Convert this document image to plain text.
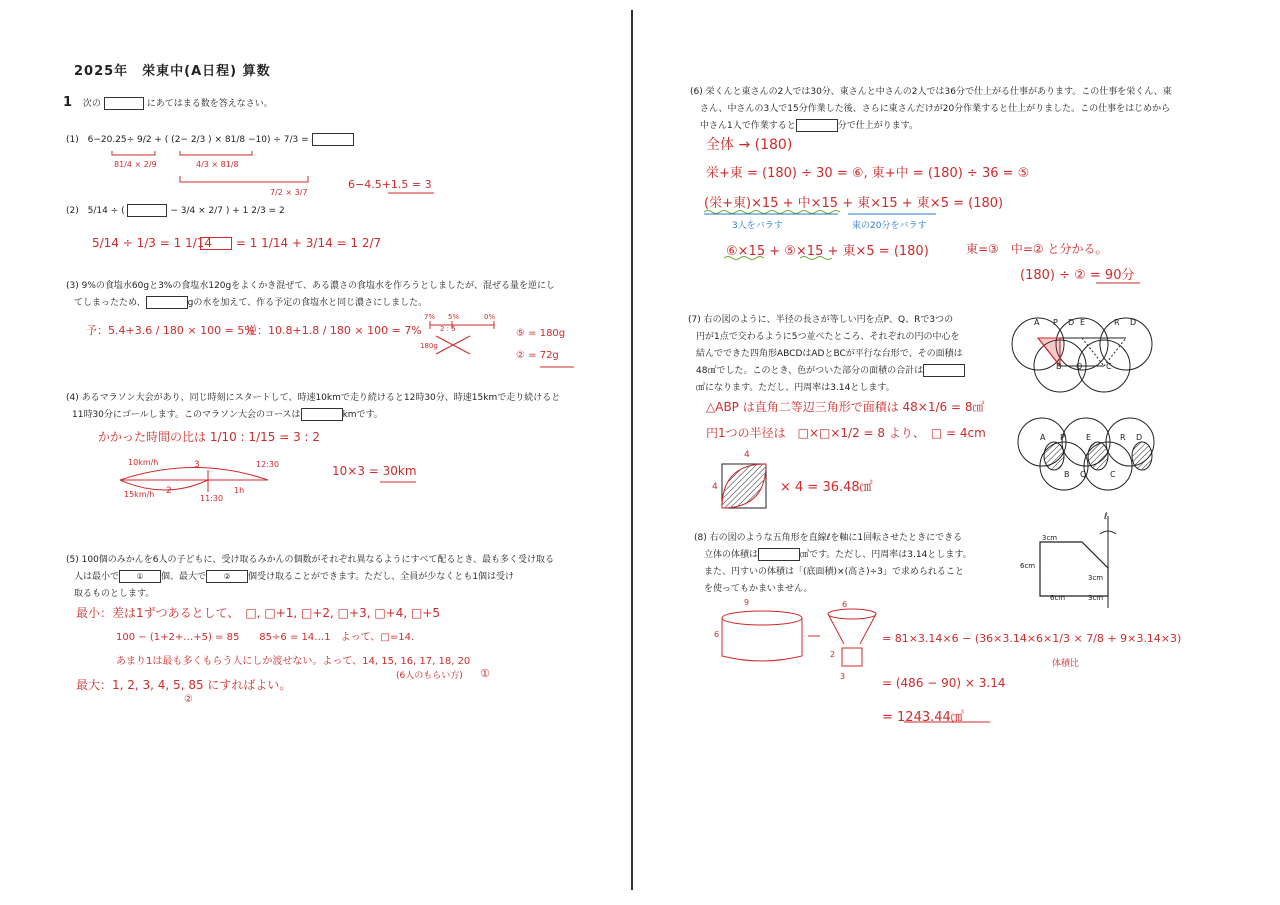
2025年　栄東中(A日程) 算数
1 次の	にあてはまる数を答えなさい。
(1) 6−20.25÷ 9/2 + ( (2− 2/3 ) × 81/8 −10) ÷ 7/3 =
81/4 × 2/9	4/3 × 81/8
7/2 × 3/7
6−4.5+1.5 = 3
(2) 5/14 ÷ (	− 3/4 × 2/7 ) + 1 2/3 = 2
5/14 ÷ 1/3 = 1 1/14	= 1 1/14 + 3/14 = 1 2/7
(3) 9%の食塩水60gと3%の食塩水120gをよくかき混ぜて、ある濃さの食塩水を作ろうとしましたが、混ぜる量を逆にし
てしまったため、	gの水を加えて、作る予定の食塩水と同じ濃さにしました。
予：5.4+3.6 / 180 × 100 = 5%
逆：10.8+1.8 / 180 × 100 = 7%
7% 5%	0%
2 : 5
180g
⑤ = 180g
② = 72g
(4) あるマラソン大会があり、同じ時刻にスタートして、時速10kmで走り続けると12時30分、時速15kmで走り続けると
11時30分にゴールします。このマラソン大会のコースは	kmです。
かかった時間の比は 1/10 : 1/15 = 3 : 2
10km/h
15km/h
3
2
12:30
11:30
1h
10×3 = 30km
(5) 100個のみかんを6人の子どもに、受け取るみかんの個数がそれぞれ異なるようにすべて配るとき、最も多く受け取る
人は最小で ① 個、最大で ② 個受け取ることができます。ただし、全員が少なくとも1個は受け
取るものとします。
最小：差は1ずつあるとして、　□, □+1, □+2, □+3, □+4, □+5
100 − (1+2+…+5) = 85　　85÷6 = 14…1　よって、□=14.
あまり1は最も多くもらう人にしか渡せない。よって、14, 15, 16, 17, 18, 20
(6人のもらい方) ①
最大：1, 2, 3, 4, 5, 85 にすればよい。
②
(6) 栄くんと東さんの2人では30分、東さんと中さんの2人では36分で仕上がる仕事があります。この仕事を栄くん、東
さん、中さんの3人で15分作業した後、さらに東さんだけが20分作業すると仕上がりました。この仕事をはじめから
中さん1人で作業すると	分で仕上がります。
全体 → (180)
栄+東 = (180) ÷ 30 = ⑥, 東+中 = (180) ÷ 36 = ⑤
(栄+東)×15 + 中×15 + 東×15 + 東×5 = (180)
3人をバラす	東の20分をバラす
⑥×15 + ⑤×15 + 東×5 = (180)	東=③　中=② と分かる。
(180) ÷ ② = 90分
(7) 右の図のように、半径の長さが等しい円を点P、Q、Rで3つの
円が1点で交わるように5つ並べたところ、それぞれの円の中心を
結んでできた四角形ABCDはADとBCが平行な台形で、その面積は
48㎠でした。このとき、色がついた部分の面積の合計は
㎠になります。ただし、円周率は3.14とします。
A P D E	R D
B Q	C
A P	E	R D
B Q	C
△ABP は直角二等辺三角形で面積は 48×1/6 = 8㎠
円1つの半径は　□×□×1/2 = 8 より、　□ = 4cm
4
4	× 4 = 36.48㎠
(8) 右の図のような五角形を直線ℓを軸に1回転させたときにできる
立体の体積は	㎤です。ただし、円周率は3.14とします。
また、円すいの体積は「(底面積)×(高さ)÷3」で求められること
を使ってもかまいません。
3cm
6cm
3cm
6cm	3cm
ℓ
9
6
6
2
3
= 81×3.14×6 − (36×3.14×6×1/3 × 7/8 + 9×3.14×3)
体積比
= (486 − 90) × 3.14
= 1243.44㎤
